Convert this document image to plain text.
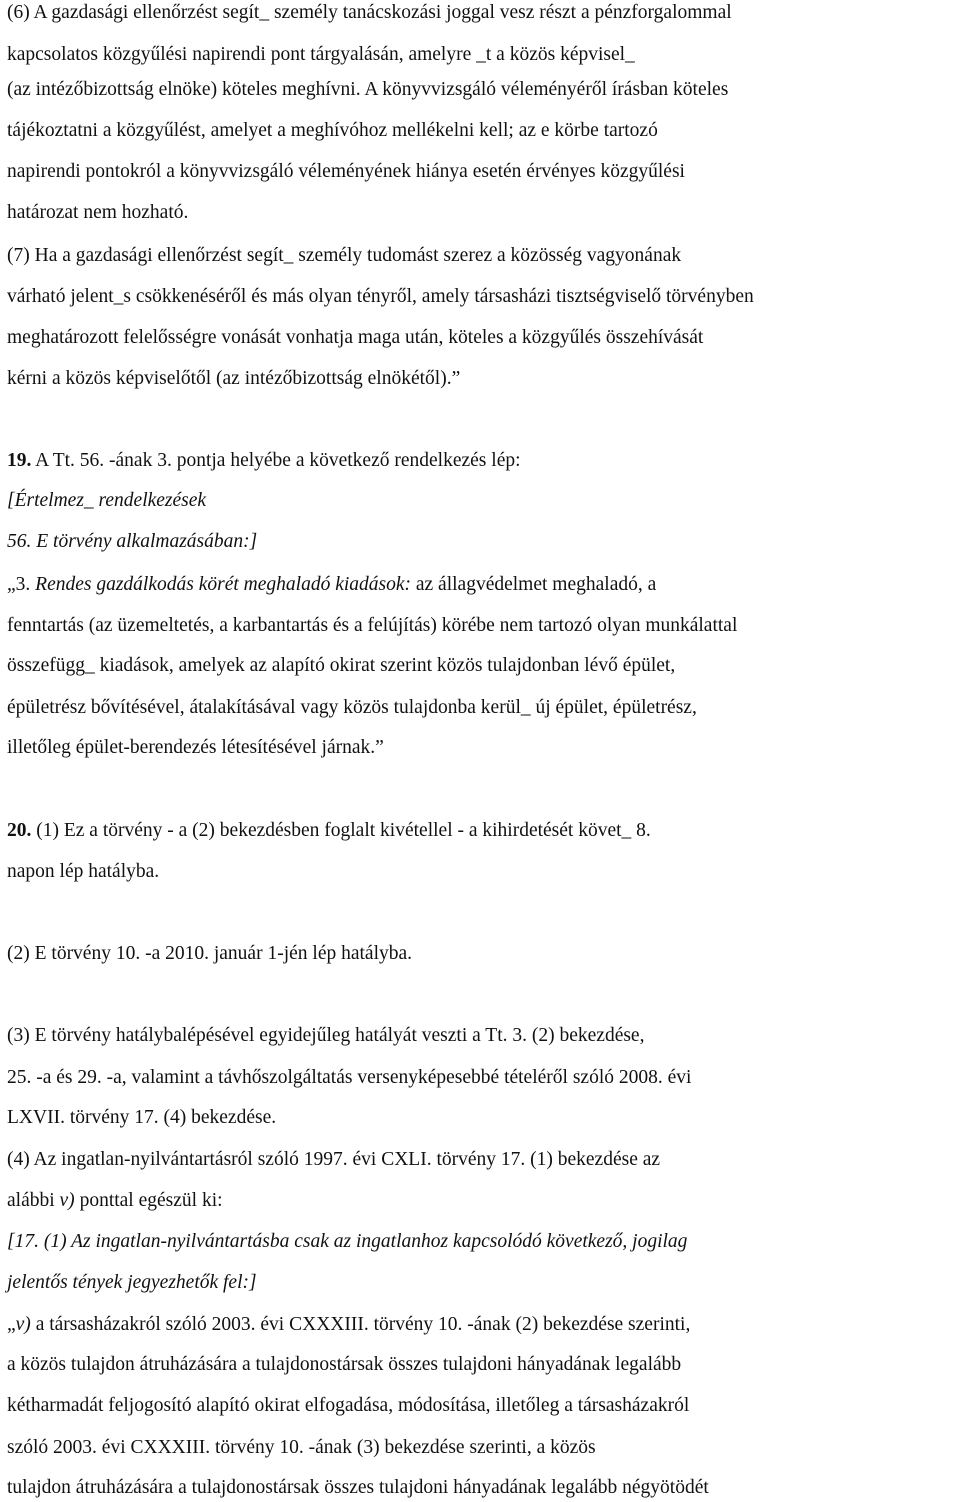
(6) A gazdasági ellenőrzést segít_ személy tanácskozási joggal vesz részt a pénzforgalommal
kapcsolatos közgyűlési napirendi pont tárgyalásán, amelyre _t a közös képvisel_
(az intézőbizottság elnöke) köteles meghívni. A könyvvizsgáló véleményéről írásban köteles
tájékoztatni a közgyűlést, amelyet a meghívóhoz mellékelni kell; az e körbe tartozó
napirendi pontokról a könyvvizsgáló véleményének hiánya esetén érvényes közgyűlési
határozat nem hozható.
(7) Ha a gazdasági ellenőrzést segít_ személy tudomást szerez a közösség vagyonának
várható jelent_s csökkenéséről és más olyan tényről, amely társasházi tisztségviselő törvényben
meghatározott felelősségre vonását vonhatja maga után, köteles a közgyűlés összehívását
kérni a közös képviselőtől (az intézőbizottság elnökétől).”
19. A Tt. 56. -ának 3. pontja helyébe a következő rendelkezés lép:
[Értelmez_ rendelkezések
56. E törvény alkalmazásában:]
„3. Rendes gazdálkodás körét meghaladó kiadások: az állagvédelmet meghaladó, a
fenntartás (az üzemeltetés, a karbantartás és a felújítás) körébe nem tartozó olyan munkálattal
összefügg_ kiadások, amelyek az alapító okirat szerint közös tulajdonban lévő épület,
épületrész bővítésével, átalakításával vagy közös tulajdonba kerül_ új épület, épületrész,
illetőleg épület-berendezés létesítésével járnak.”
20. (1) Ez a törvény - a (2) bekezdésben foglalt kivétellel - a kihirdetését követ_ 8.
napon lép hatályba.
(2) E törvény 10. -a 2010. január 1-jén lép hatályba.
(3) E törvény hatálybalépésével egyidejűleg hatályát veszti a Tt. 3. (2) bekezdése,
25. -a és 29. -a, valamint a távhőszolgáltatás versenyképesebbé tételéről szóló 2008. évi
LXVII. törvény 17. (4) bekezdése.
(4) Az ingatlan-nyilvántartásról szóló 1997. évi CXLI. törvény 17. (1) bekezdése az
alábbi v) ponttal egészül ki:
[17. (1) Az ingatlan-nyilvántartásba csak az ingatlanhoz kapcsolódó következő, jogilag
jelentős tények jegyezhetők fel:]
„v) a társasházakról szóló 2003. évi CXXXIII. törvény 10. -ának (2) bekezdése szerinti,
a közös tulajdon átruházására a tulajdonostársak összes tulajdoni hányadának legalább
kétharmadát feljogosító alapító okirat elfogadása, módosítása, illetőleg a társasházakról
szóló 2003. évi CXXXIII. törvény 10. -ának (3) bekezdése szerinti, a közös
tulajdon átruházására a tulajdonostársak összes tulajdoni hányadának legalább négyötödét
